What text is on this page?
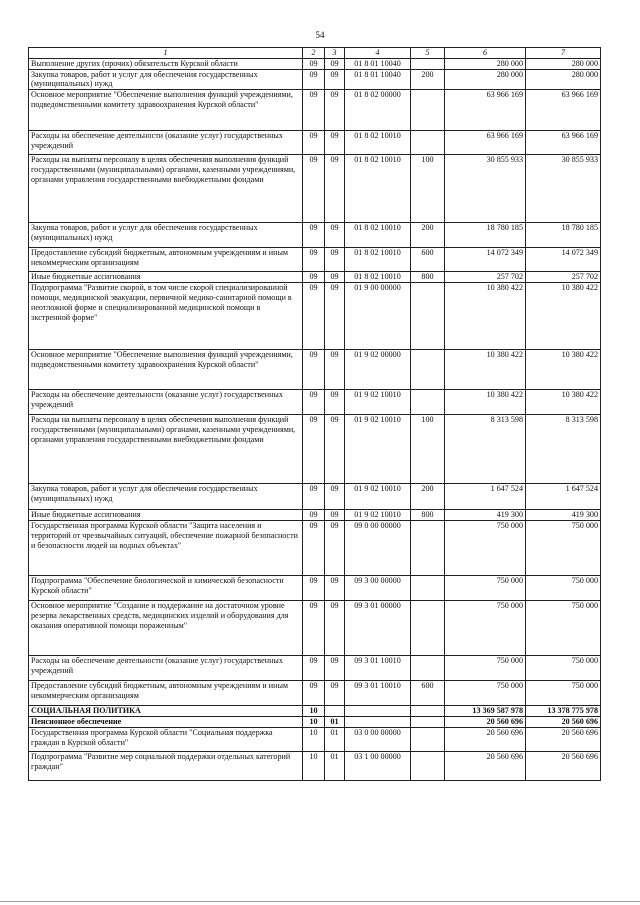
54
1	2	3	4	5	6	7
Выполнение других (прочих) обязательств Курской области	09	09	01 8 01 10040		280 000	280 000
Закупка товаров, работ и услуг для обеспечения государственных (муниципальных) нужд	09	09	01 8 01 10040	200	280 000	280 000
Основное мероприятие "Обеспечение выполнения функций учреждениями, подведомственными комитету здравоохранения Курской области"	09	09	01 8 02 00000		63 966 169	63 966 169
Расходы на обеспечение деятельности (оказание услуг) государственных учреждений	09	09	01 8 02 10010		63 966 169	63 966 169
Расходы на выплаты персоналу в целях обеспечения выполнения функций государственными (муниципальными) органами, казенными учреждениями, органами управления государственными внебюджетными фондами	09	09	01 8 02 10010	100	30 855 933	30 855 933
Закупка товаров, работ и услуг для обеспечения государственных (муниципальных) нужд	09	09	01 8 02 10010	200	18 780 185	18 780 185
Предоставление субсидий бюджетным, автономным учреждениям и иным некоммерческим организациям	09	09	01 8 02 10010	600	14 072 349	14 072 349
Иные бюджетные ассигнования	09	09	01 8 02 10010	800	257 702	257 702
Подпрограмма "Развитие скорой, в том числе скорой специализированной помощи, медицинской эвакуации, первичной медико-санитарной помощи в неотложной форме и специализированной медицинской помощи в экстренной форме"	09	09	01 9 00 00000		10 380 422	10 380 422
Основное мероприятие "Обеспечение выполнения функций учреждениями, подведомственными комитету здравоохранения Курской области"	09	09	01 9 02 00000		10 380 422	10 380 422
Расходы на обеспечение деятельности (оказание услуг) государственных учреждений	09	09	01 9 02 10010		10 380 422	10 380 422
Расходы на выплаты персоналу в целях обеспечения выполнения функций государственными (муниципальными) органами, казенными учреждениями, органами управления государственными внебюджетными фондами	09	09	01 9 02 10010	100	8 313 598	8 313 598
Закупка товаров, работ и услуг для обеспечения государственных (муниципальных) нужд	09	09	01 9 02 10010	200	1 647 524	1 647 524
Иные бюджетные ассигнования	09	09	01 9 02 10010	800	419 300	419 300
Государственная программа Курской области "Защита населения и территорий от чрезвычайных ситуаций, обеспечение пожарной безопасности и безопасности людей на водных объектах"	09	09	09 0 00 00000		750 000	750 000
Подпрограмма "Обеспечение биологической и химической безопасности Курской области"	09	09	09 3 00 00000		750 000	750 000
Основное мероприятие "Создание и поддержание на достаточном уровне резерва лекарственных средств, медицинских изделий и оборудования для оказания оперативной помощи пораженным"	09	09	09 3 01 00000		750 000	750 000
Расходы на обеспечение деятельности (оказание услуг) государственных учреждений	09	09	09 3 01 10010		750 000	750 000
Предоставление субсидий бюджетным, автономным учреждениям и иным некоммерческим организациям	09	09	09 3 01 10010	600	750 000	750 000
СОЦИАЛЬНАЯ ПОЛИТИКА	10				13 369 587 978	13 378 775 978
Пенсионное обеспечение	10	01			20 560 696	20 560 696
Государственная программа Курской области "Социальная поддержка граждан в Курской области"	10	01	03 0 00 00000		20 560 696	20 560 696
Подпрограмма "Развитие мер социальной поддержки отдельных категорий граждан"	10	01	03 1 00 00000		20 560 696	20 560 696
